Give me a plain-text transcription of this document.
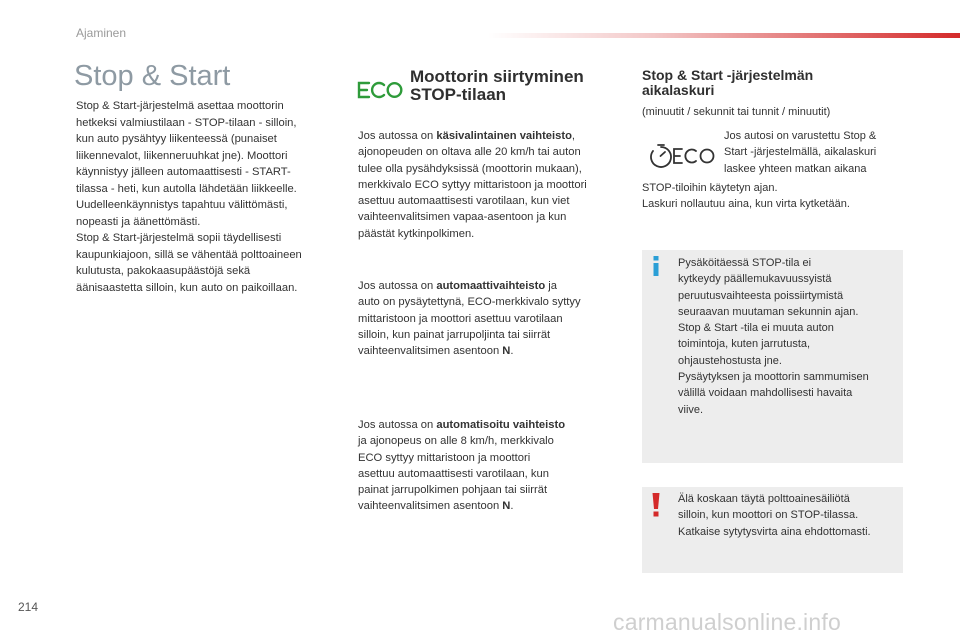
Ajaminen
Stop & Start
Stop & Start-järjestelmä asettaa moottorin
hetkeksi valmiustilaan - STOP-tilaan - silloin,
kun auto pysähtyy liikenteessä (punaiset
liikennevalot, liikenneruuhkat jne). Moottori
käynnistyy jälleen automaattisesti - START-
tilassa - heti, kun autolla lähdetään liikkeelle.
Uudelleenkäynnistys tapahtuu välittömästi,
nopeasti ja äänettömästi.
Stop & Start-järjestelmä sopii täydellisesti
kaupunkiajoon, sillä se vähentää polttoaineen
kulutusta, pakokaasupäästöjä sekä
äänisaastetta silloin, kun auto on paikoillaan.
Moottorin siirtyminen
STOP-tilaan
Jos autossa on käsivalintainen vaihteisto,
ajonopeuden on oltava alle 20 km/h tai auton
tulee olla pysähdyksissä (moottorin mukaan),
merkkivalo ECO syttyy mittaristoon ja moottori
asettuu automaattisesti varotilaan, kun viet
vaihteenvalitsimen vapaa-asentoon ja kun
päästät kytkinpolkimen.
Jos autossa on automaattivaihteisto ja
auto on pysäytettynä, ECO-merkkivalo syttyy
mittaristoon ja moottori asettuu varotilaan
silloin, kun painat jarrupoljinta tai siirrät
vaihteenvalitsimen asentoon N.
Jos autossa on automatisoitu vaihteisto
ja ajonopeus on alle 8 km/h, merkkivalo
ECO syttyy mittaristoon ja moottori
asettuu automaattisesti varotilaan, kun
painat jarrupolkimen pohjaan tai siirrät
vaihteenvalitsimen asentoon N.
Stop & Start -järjestelmän
aikalaskuri
(minuutit / sekunnit tai tunnit / minuutit)
Jos autosi on varustettu Stop &
Start -järjestelmällä, aikalaskuri
laskee yhteen matkan aikana
STOP-tiloihin käytetyn ajan.
Laskuri nollautuu aina, kun virta kytketään.
Pysäköitäessä STOP-tila ei
kytkeydy päällemukavuussyistä
peruutusvaihteesta poissiirtymistä
seuraavan muutaman sekunnin ajan.
Stop & Start -tila ei muuta auton
toimintoja, kuten jarrutusta,
ohjaustehostusta jne.
Pysäytyksen ja moottorin sammumisen
välillä voidaan mahdollisesti havaita
viive.
Älä koskaan täytä polttoainesäiliötä
silloin, kun moottori on STOP-tilassa.
Katkaise sytytysvirta aina ehdottomasti.
214
carmanualsonline.info
